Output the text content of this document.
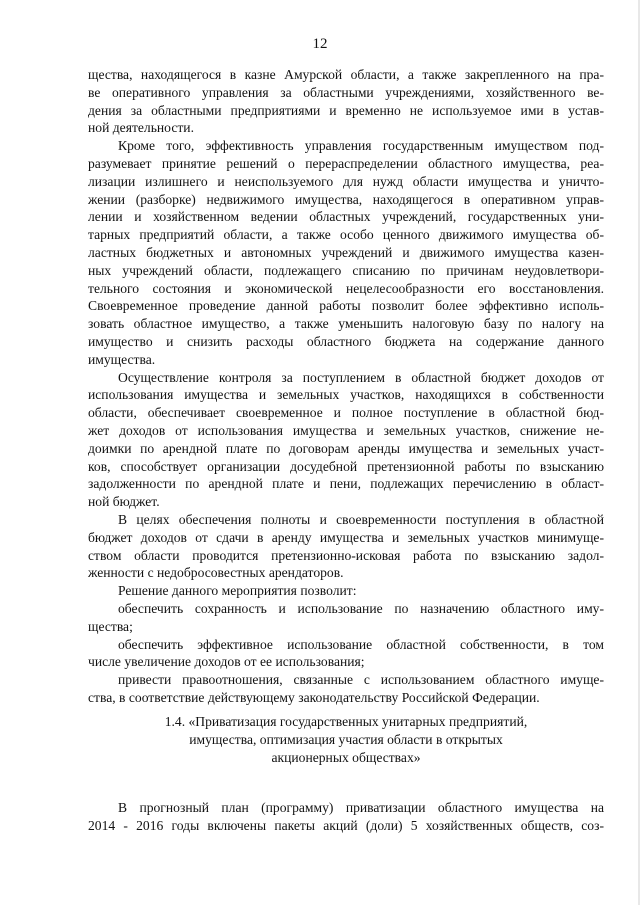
12
щества, находящегося в казне Амурской области, а также закрепленного на пра-
ве оперативного управления за областными учреждениями, хозяйственного ве-
дения за областными предприятиями и временно не используемое ими в устав-
ной деятельности.
Кроме того, эффективность управления государственным имуществом под-
разумевает принятие решений о перераспределении областного имущества, реа-
лизации излишнего и неиспользуемого для нужд области имущества и уничто-
жении (разборке) недвижимого имущества, находящегося в оперативном управ-
лении и хозяйственном ведении областных учреждений, государственных уни-
тарных предприятий области, а также особо ценного движимого имущества об-
ластных бюджетных и автономных учреждений и движимого имущества казен-
ных учреждений области, подлежащего списанию по причинам неудовлетвори-
тельного состояния и экономической нецелесообразности его восстановления.
Своевременное проведение данной работы позволит более эффективно исполь-
зовать областное имущество, а также уменьшить налоговую базу по налогу на
имущество и снизить расходы областного бюджета на содержание данного
имущества.
Осуществление контроля за поступлением в областной бюджет доходов от
использования имущества и земельных участков, находящихся в собственности
области, обеспечивает своевременное и полное поступление в областной бюд-
жет доходов от использования имущества и земельных участков, снижение не-
доимки по арендной плате по договорам аренды имущества и земельных участ-
ков, способствует организации досудебной претензионной работы по взысканию
задолженности по арендной плате и пени, подлежащих перечислению в област-
ной бюджет.
В целях обеспечения полноты и своевременности поступления в областной
бюджет доходов от сдачи в аренду имущества и земельных участков минимуще-
ством области проводится претензионно-исковая работа по взысканию задол-
женности с недобросовестных арендаторов.
Решение данного мероприятия позволит:
обеспечить сохранность и использование по назначению областного иму-
щества;
обеспечить эффективное использование областной собственности, в том
числе увеличение доходов от ее использования;
привести правоотношения, связанные с использованием областного имуще-
ства, в соответствие действующему законодательству Российской Федерации.
1.4. «Приватизация государственных унитарных предприятий,
имущества, оптимизация участия области в открытых
акционерных обществах»
В прогнозный план (программу) приватизации областного имущества на
2014 - 2016 годы включены пакеты акций (доли) 5 хозяйственных обществ, соз-
